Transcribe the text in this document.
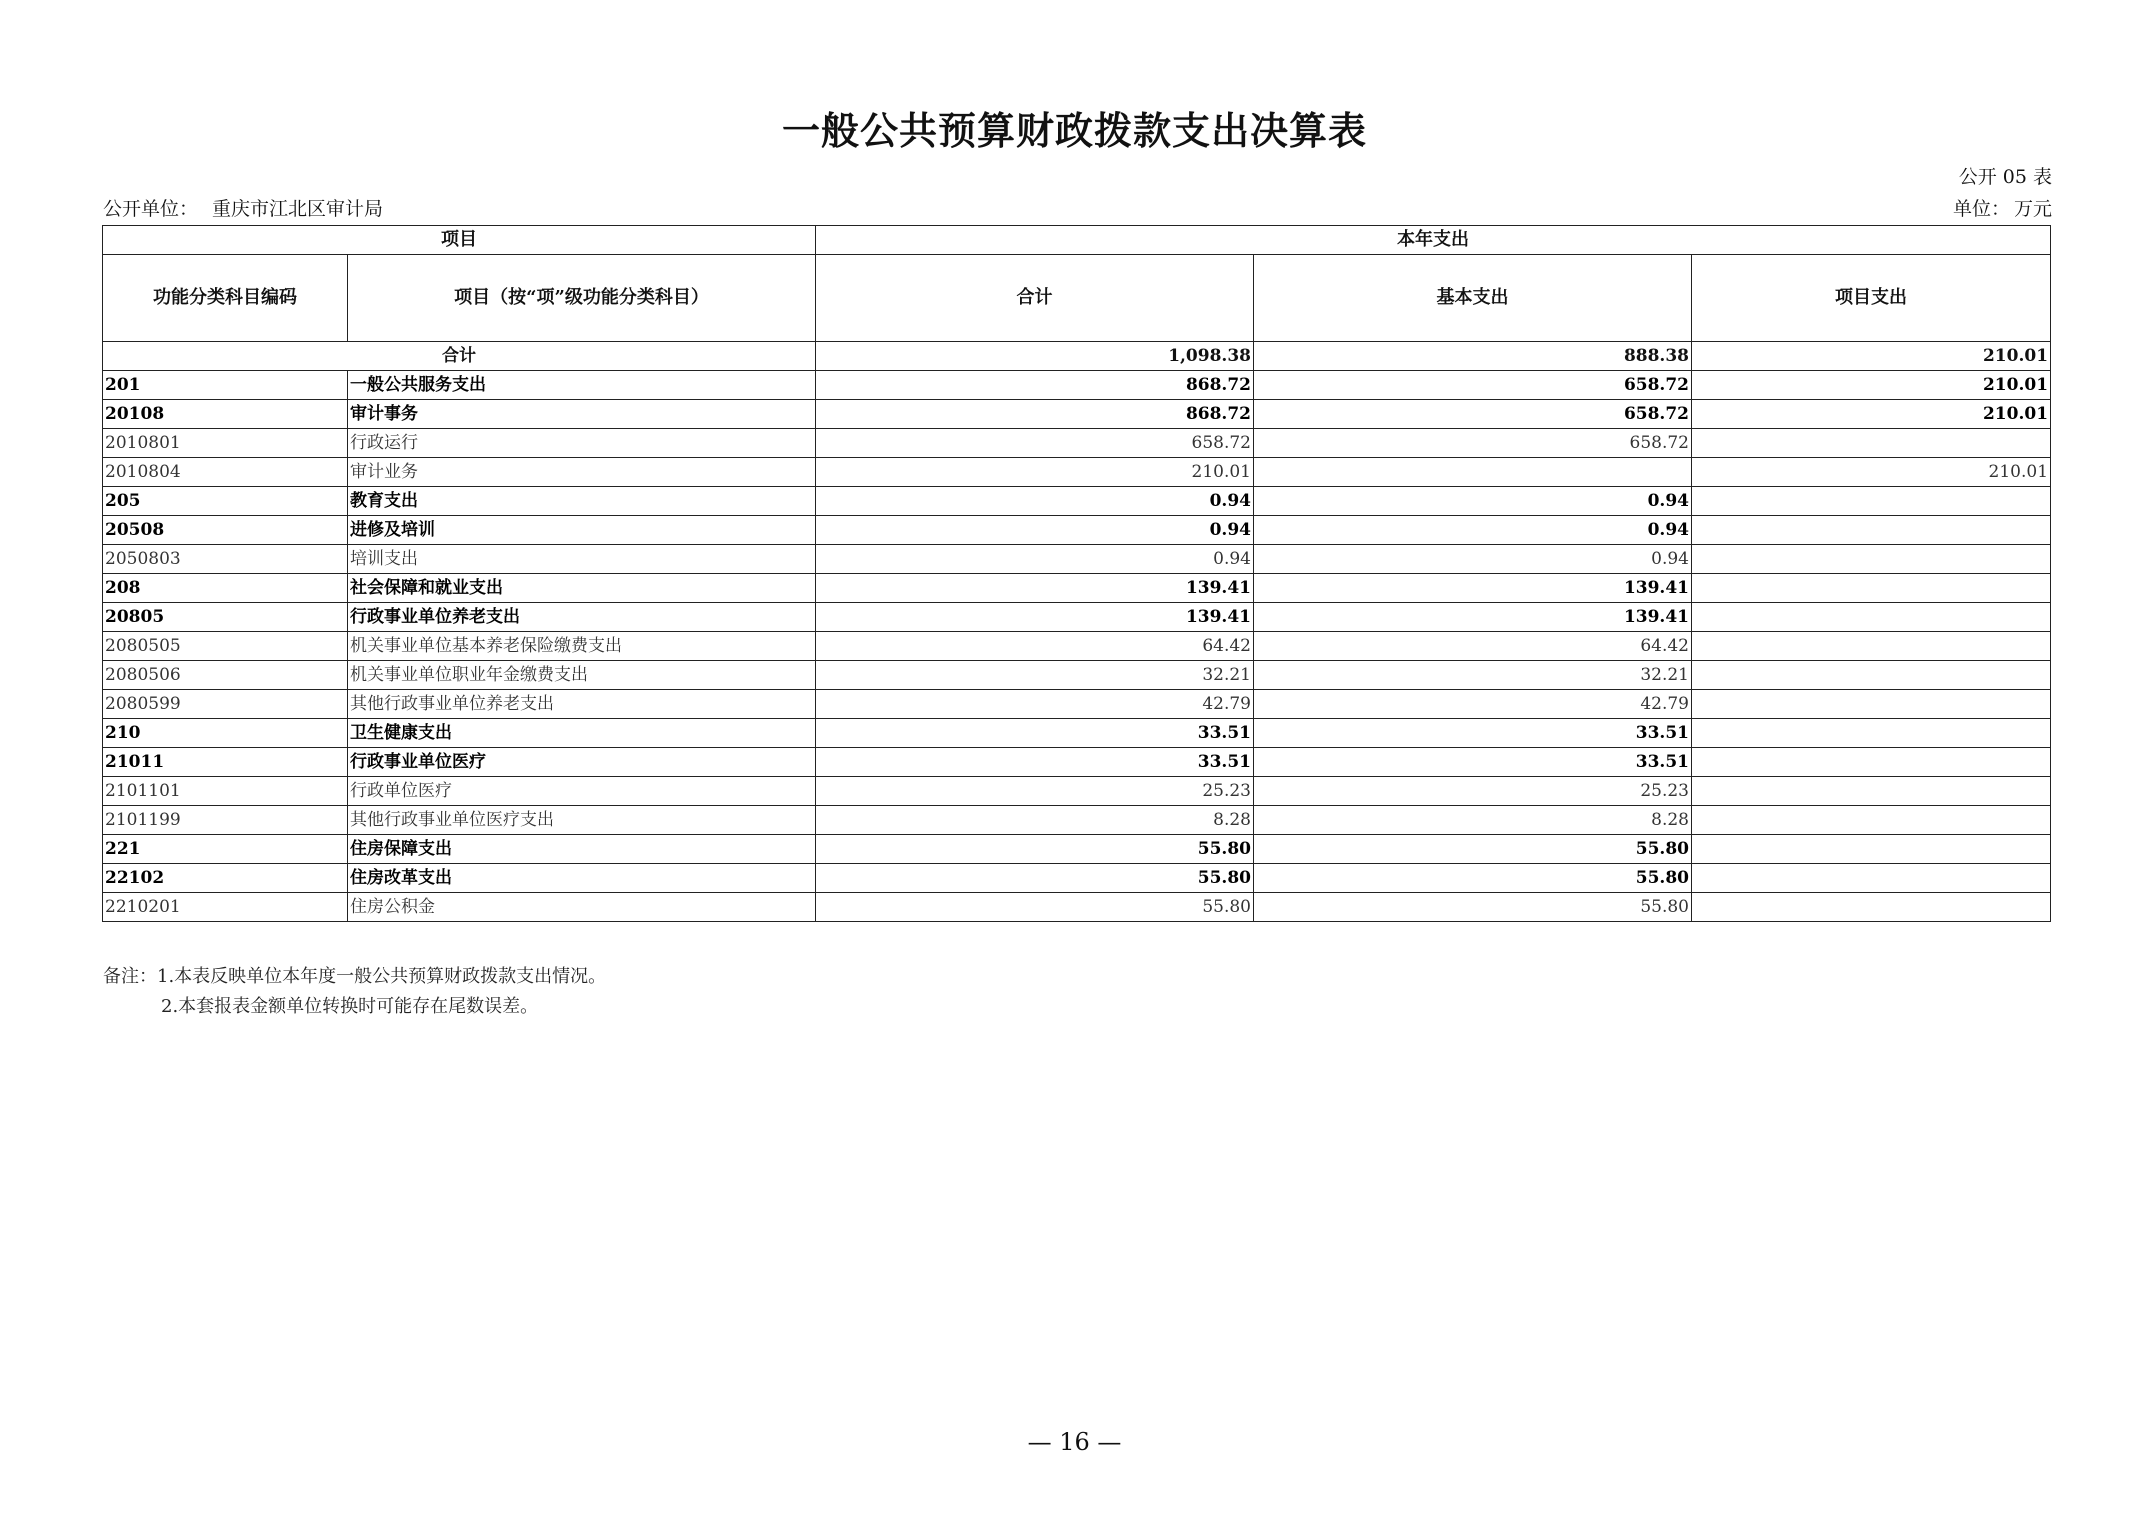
一般公共预算财政拨款支出决算表
公开 05 表
公开单位： 重庆市江北区审计局	单位： 万元
项目		本年支出		
功能分类科目编码	项目（按“项”级功能分类科目）	合计	基本支出	项目支出
合计		1,098.38	888.38	210.01
201	一般公共服务支出	868.72	658.72	210.01
20108	审计事务	868.72	658.72	210.01
2010801	行政运行	658.72	658.72	
2010804	审计业务	210.01		210.01
205	教育支出	0.94	0.94	
20508	进修及培训	0.94	0.94	
2050803	培训支出	0.94	0.94	
208	社会保障和就业支出	139.41	139.41	
20805	行政事业单位养老支出	139.41	139.41	
2080505	机关事业单位基本养老保险缴费支出	64.42	64.42	
2080506	机关事业单位职业年金缴费支出	32.21	32.21	
2080599	其他行政事业单位养老支出	42.79	42.79	
210	卫生健康支出	33.51	33.51	
21011	行政事业单位医疗	33.51	33.51	
2101101	行政单位医疗	25.23	25.23	
2101199	其他行政事业单位医疗支出	8.28	8.28	
221	住房保障支出	55.80	55.80	
22102	住房改革支出	55.80	55.80	
2210201	住房公积金	55.80	55.80	
备注：1.本表反映单位本年度一般公共预算财政拨款支出情况。
2.本套报表金额单位转换时可能存在尾数误差。
— 16 —
